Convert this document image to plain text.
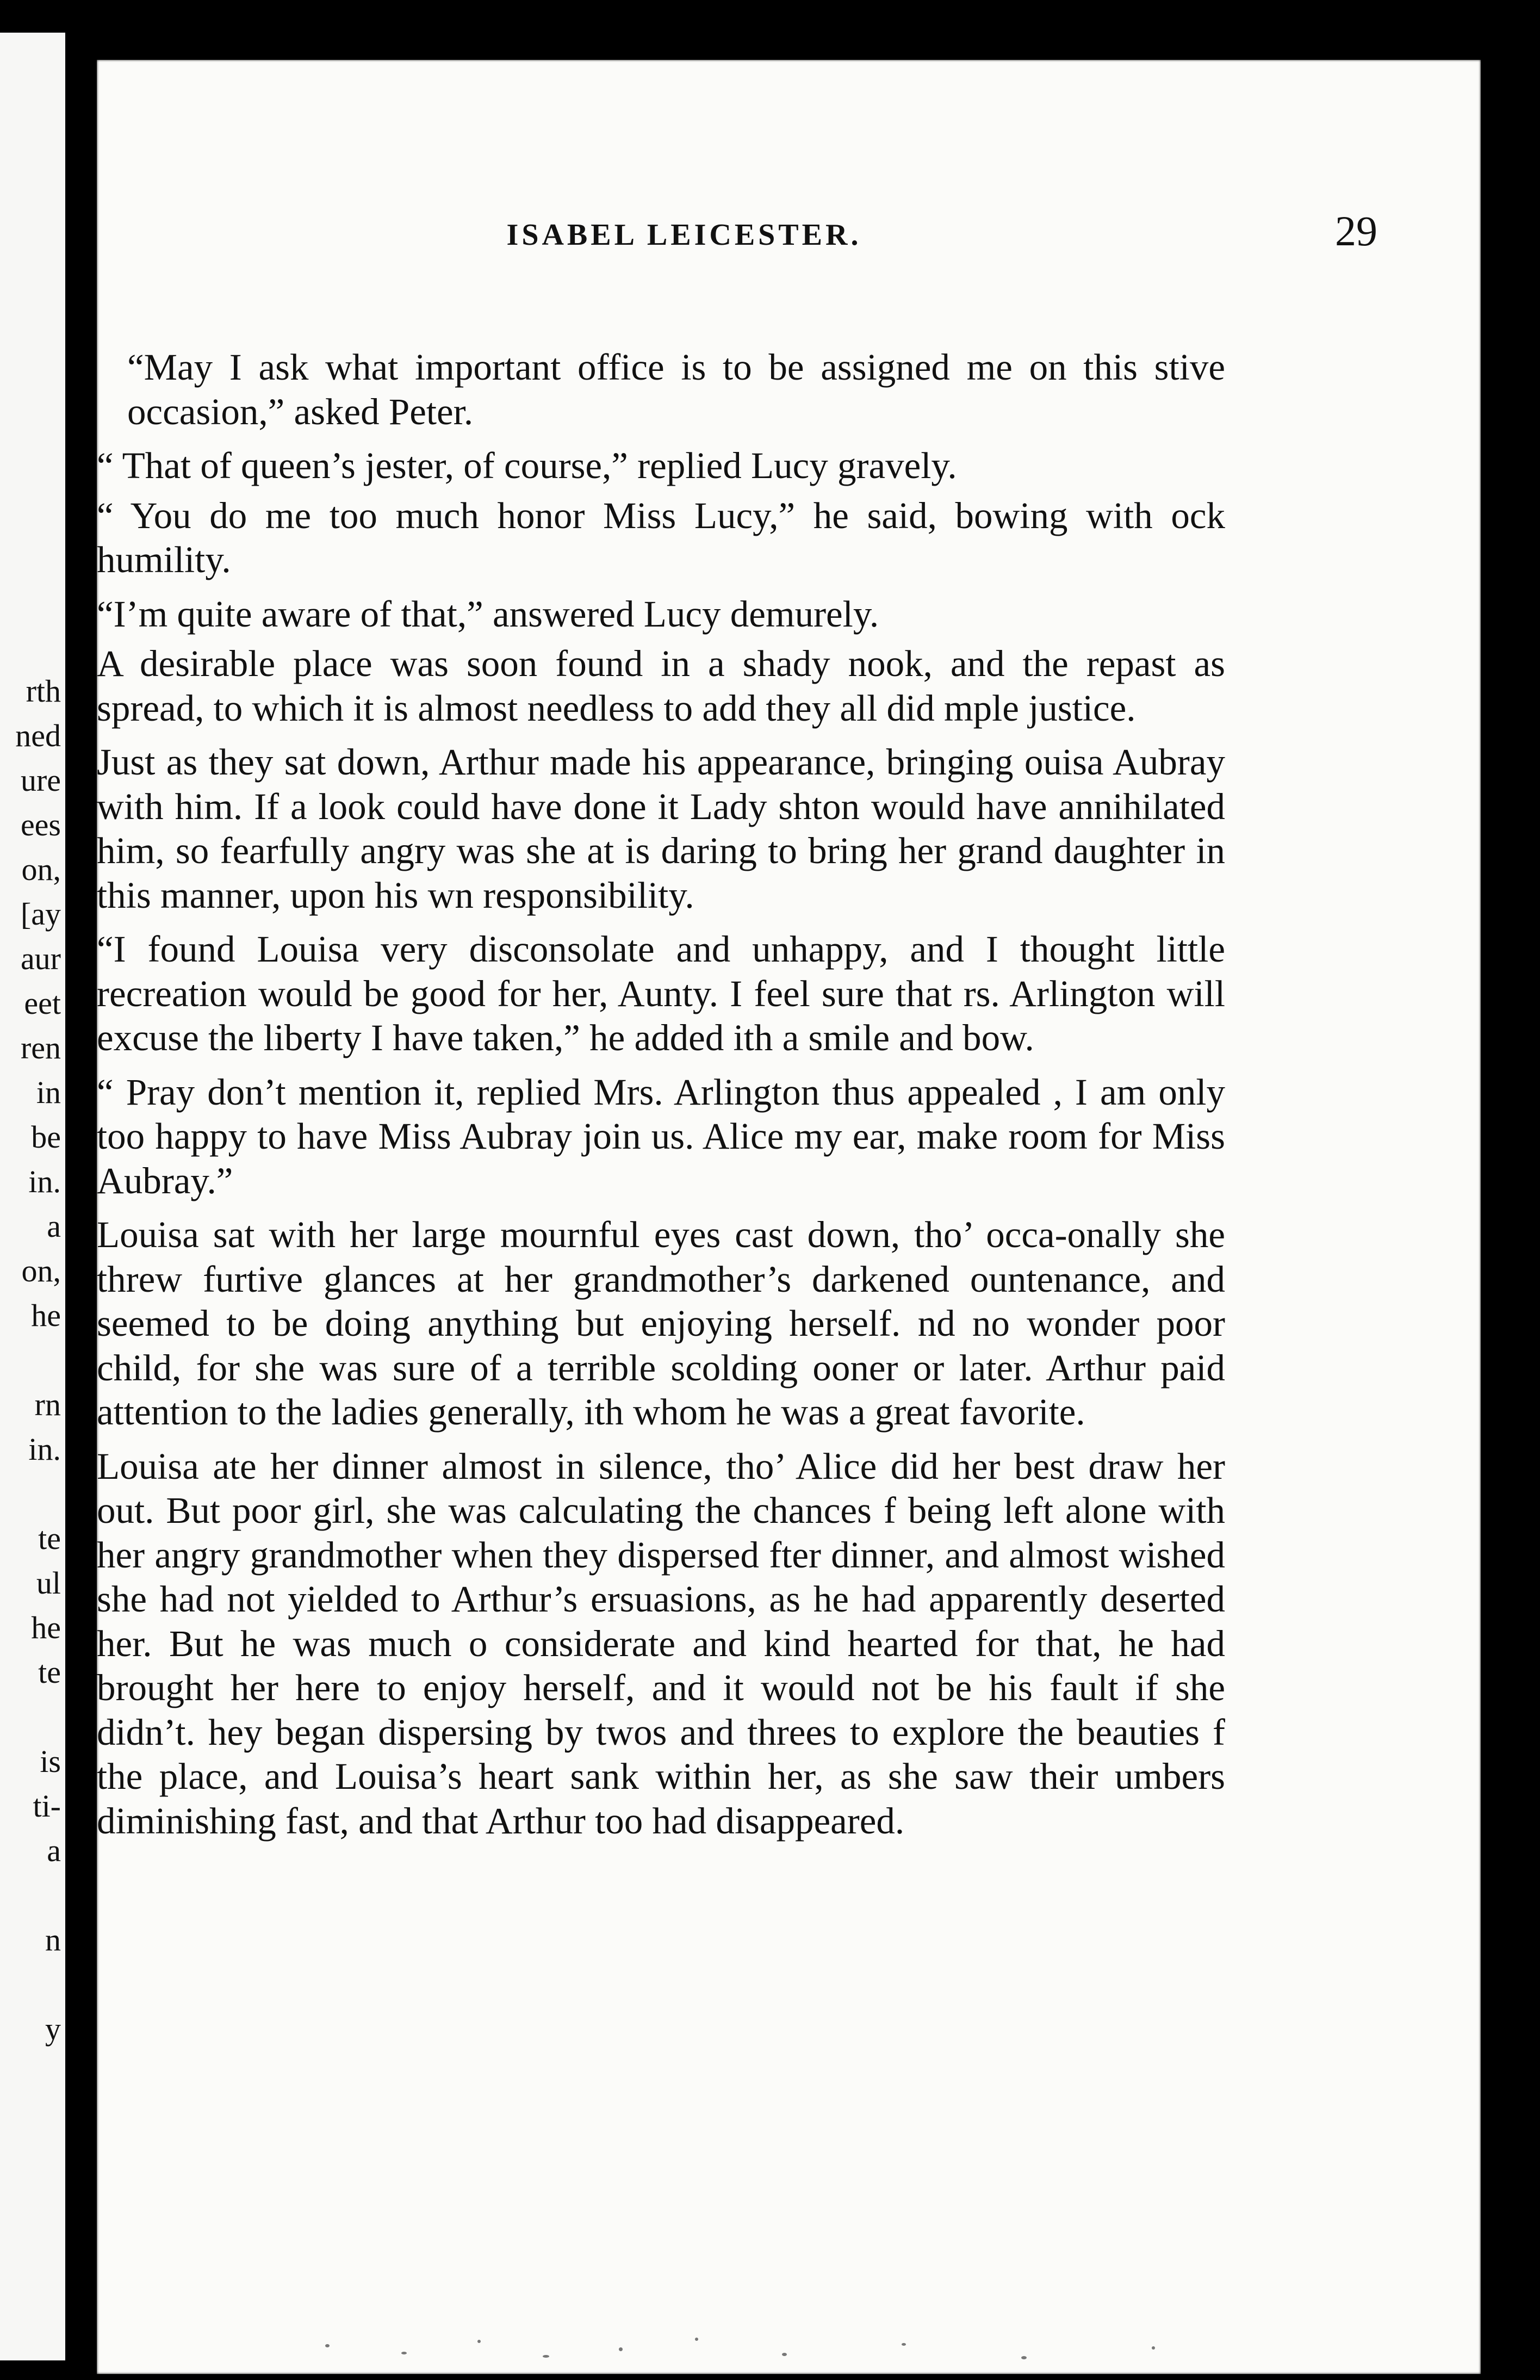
rth
ned
ure
ees
on,
[ay
aur
eet
ren
in
be
in.
a
on,
he

rn
in.

te
ul
he
te

is
ti-
a

n

y
ISABEL LEICESTER.	29

“May I ask what important office is to be assigned me on this stive occasion,” asked Peter.

“ That of queen’s jester, of course,” replied Lucy gravely.

“ You do me too much honor Miss Lucy,” he said, bowing with ock humility.

“I’m quite aware of that,” answered Lucy demurely.

A desirable place was soon found in a shady nook, and the repast as spread, to which it is almost needless to add they all did mple justice.

Just as they sat down, Arthur made his appearance, bringing ouisa Aubray with him. If a look could have done it Lady shton would have annihilated him, so fearfully angry was she at is daring to bring her grand daughter in this manner, upon his wn responsibility.

“I found Louisa very disconsolate and unhappy, and I thought little recreation would be good for her, Aunty. I feel sure that rs. Arlington will excuse the liberty I have taken,” he added ith a smile and bow.

“ Pray don’t mention it, replied Mrs. Arlington thus appealed , I am only too happy to have Miss Aubray join us. Alice my ear, make room for Miss Aubray.”

Louisa sat with her large mournful eyes cast down, tho’ occa-onally she threw furtive glances at her grandmother’s darkened ountenance, and seemed to be doing anything but enjoying herself. nd no wonder poor child, for she was sure of a terrible scolding ooner or later. Arthur paid attention to the ladies generally, ith whom he was a great favorite.

Louisa ate her dinner almost in silence, tho’ Alice did her best draw her out. But poor girl, she was calculating the chances f being left alone with her angry grandmother when they dispersed fter dinner, and almost wished she had not yielded to Arthur’s ersuasions, as he had apparently deserted her. But he was much o considerate and kind hearted for that, he had brought her here to enjoy herself, and it would not be his fault if she didn’t. hey began dispersing by twos and threes to explore the beauties f the place, and Louisa’s heart sank within her, as she saw their umbers diminishing fast, and that Arthur too had disappeared.
